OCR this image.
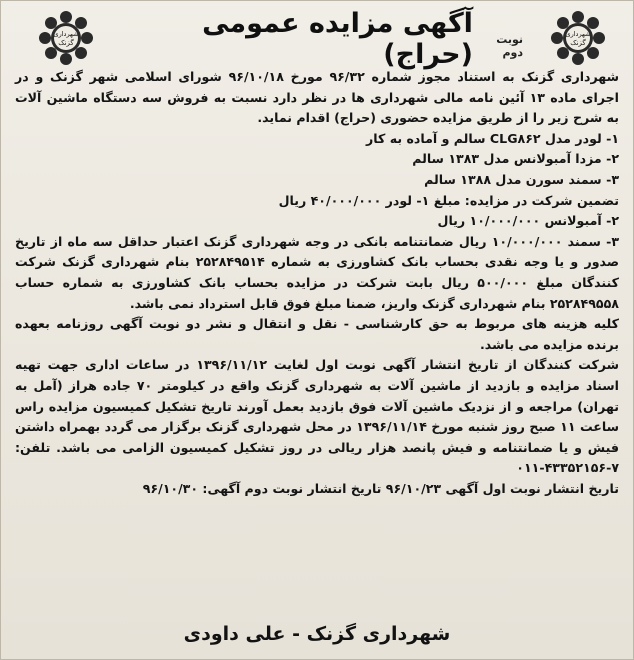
شهرداری
گزنک
شهرداری
گزنک
آگهی مزایده عمومی (حراج)	نوبت دوم

شهرداری گزنک به استناد مجوز شماره ۹۶/۳۲ مورخ ۹۶/۱۰/۱۸ شورای اسلامی شهر گزنک و در اجرای ماده ۱۳ آئین نامه مالی شهرداری ها در نظر دارد نسبت به فروش سه دستگاه ماشین آلات به شرح زیر را از طریق مزایده حضوری (حراج) اقدام نماید.

۱- لودر مدل CLG۸۶۲ سالم و آماده به کار

۲- مزدا آمبولانس مدل ۱۳۸۳ سالم

۳- سمند سورن مدل ۱۳۸۸ سالم

تضمین شرکت در مزایده: مبلغ ۱- لودر ۴۰/۰۰۰/۰۰۰ ریال

۲- آمبولانس ۱۰/۰۰۰/۰۰۰ ریال

۳- سمند ۱۰/۰۰۰/۰۰۰ ریال ضمانتنامه بانکی در وجه شهرداری گزنک اعتبار حداقل سه ماه از تاریخ صدور و یا وجه نقدی بحساب بانک کشاورزی به شماره ۲۵۲۸۴۹۵۱۴ بنام شهرداری گزنک شرکت کنندگان مبلغ ۵۰۰/۰۰۰ ریال بابت شرکت در مزایده بحساب بانک کشاورزی به شماره حساب ۲۵۲۸۴۹۵۵۸ بنام شهرداری گزنک واریز، ضمنا مبلغ فوق قابل استرداد نمی باشد.

کلیه هزینه های مربوط به حق کارشناسی - نقل و انتقال و نشر دو نوبت آگهی روزنامه بعهده برنده مزایده می باشد.

شرکت کنندگان از تاریخ انتشار آگهی نوبت اول لغایت ۱۳۹۶/۱۱/۱۲ در ساعات اداری جهت تهیه اسناد مزایده و بازدید از ماشین آلات به شهرداری گزنک واقع در کیلومتر ۷۰ جاده هراز (آمل به تهران) مراجعه و از نزدیک ماشین آلات فوق بازدید بعمل آورند تاریخ تشکیل کمیسیون مزایده راس ساعت ۱۱ صبح روز شنبه مورخ ۱۳۹۶/۱۱/۱۴ در محل شهرداری گزنک برگزار می گردد بهمراه داشتن فیش و یا ضمانتنامه و فیش پانصد هزار ریالی در روز تشکیل کمیسیون الزامی می باشد. تلفن: ۷-۴۳۳۵۲۱۵۶-۰۱۱

تاریخ انتشار نوبت اول آگهی ۹۶/۱۰/۲۳ تاریخ انتشار نوبت دوم آگهی: ۹۶/۱۰/۳۰

شهرداری گزنک - علی داودی
